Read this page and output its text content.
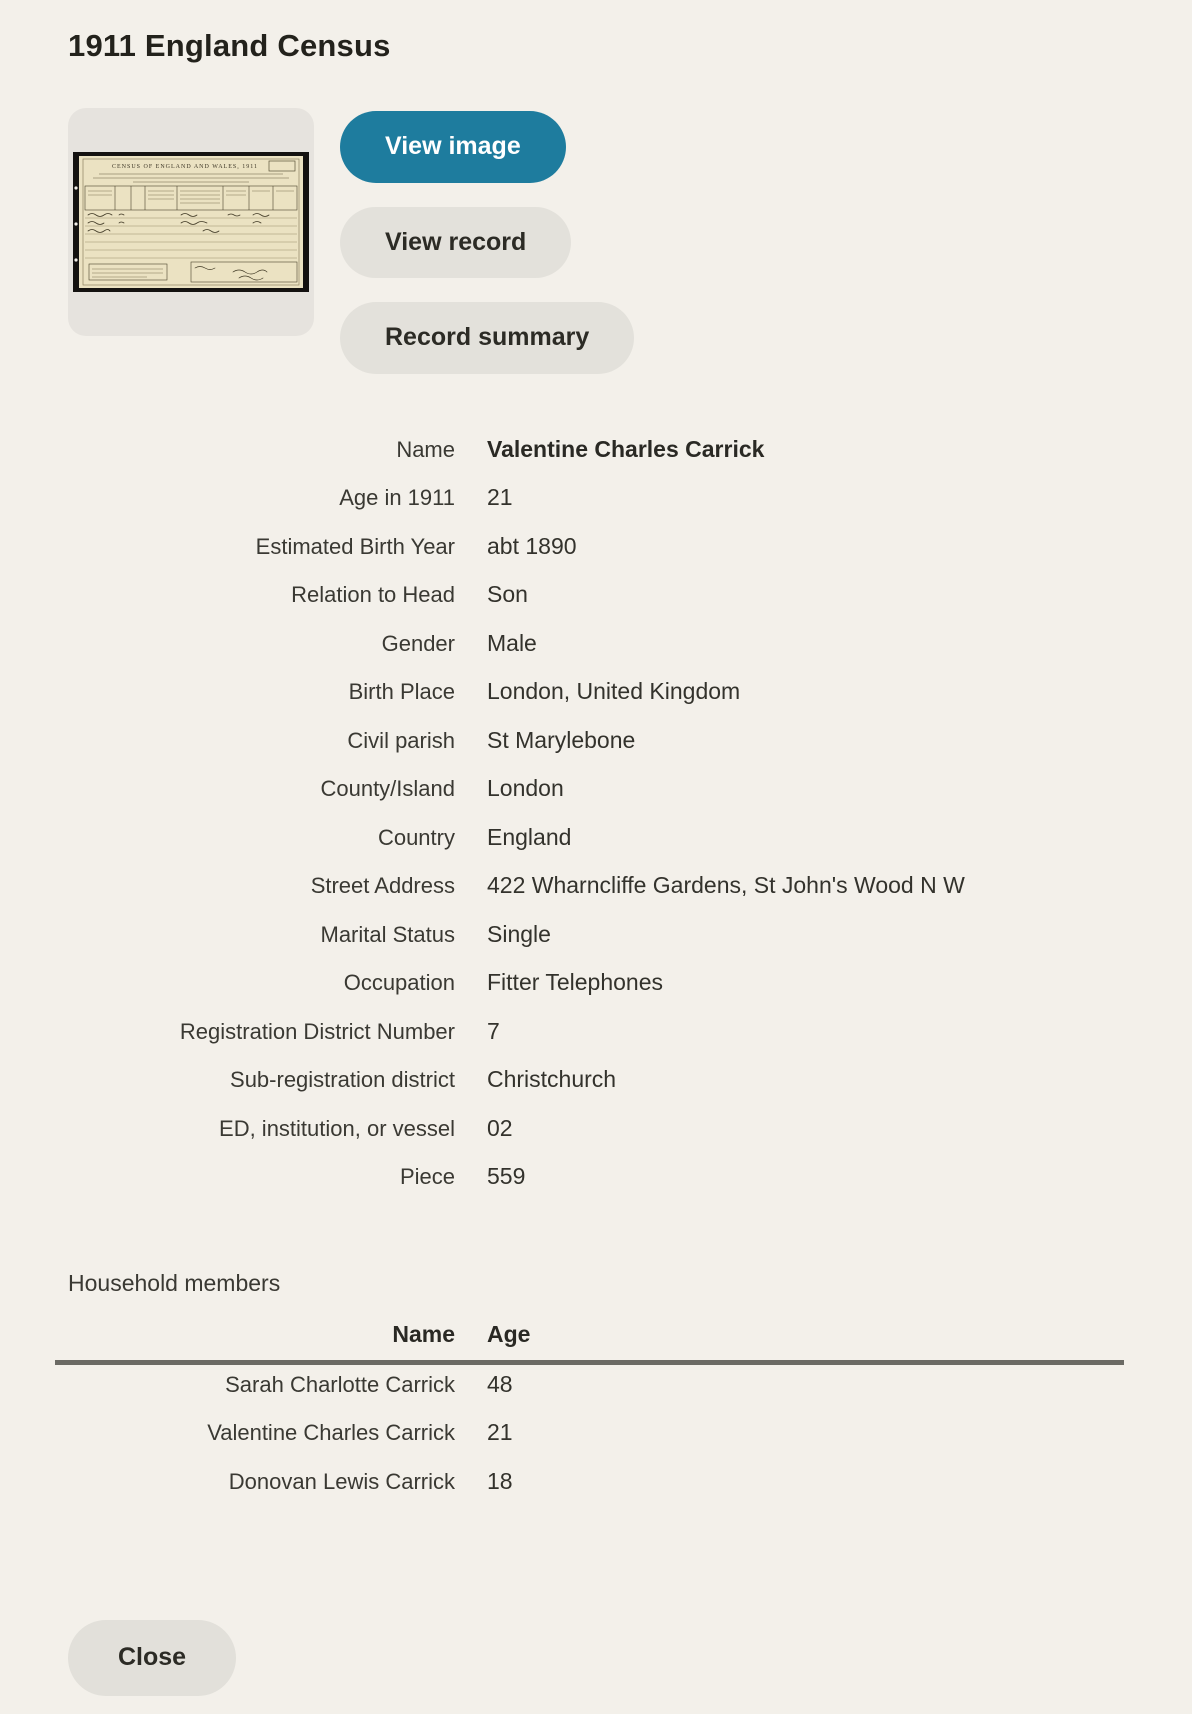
1911 England Census
CENSUS OF ENGLAND AND WALES, 1911
View image
View record
Record summary
Name Valentine Charles Carrick
Age in 1911 21
Estimated Birth Year abt 1890
Relation to Head Son
Gender Male
Birth Place London, United Kingdom
Civil parish St Marylebone
County/Island London
Country England
Street Address 422 Wharncliffe Gardens, St John's Wood N W
Marital Status Single
Occupation Fitter Telephones
Registration District Number 7
Sub-registration district Christchurch
ED, institution, or vessel 02
Piece 559
Household members
Name Age
Sarah Charlotte Carrick 48
Valentine Charles Carrick 21
Donovan Lewis Carrick 18
Close
